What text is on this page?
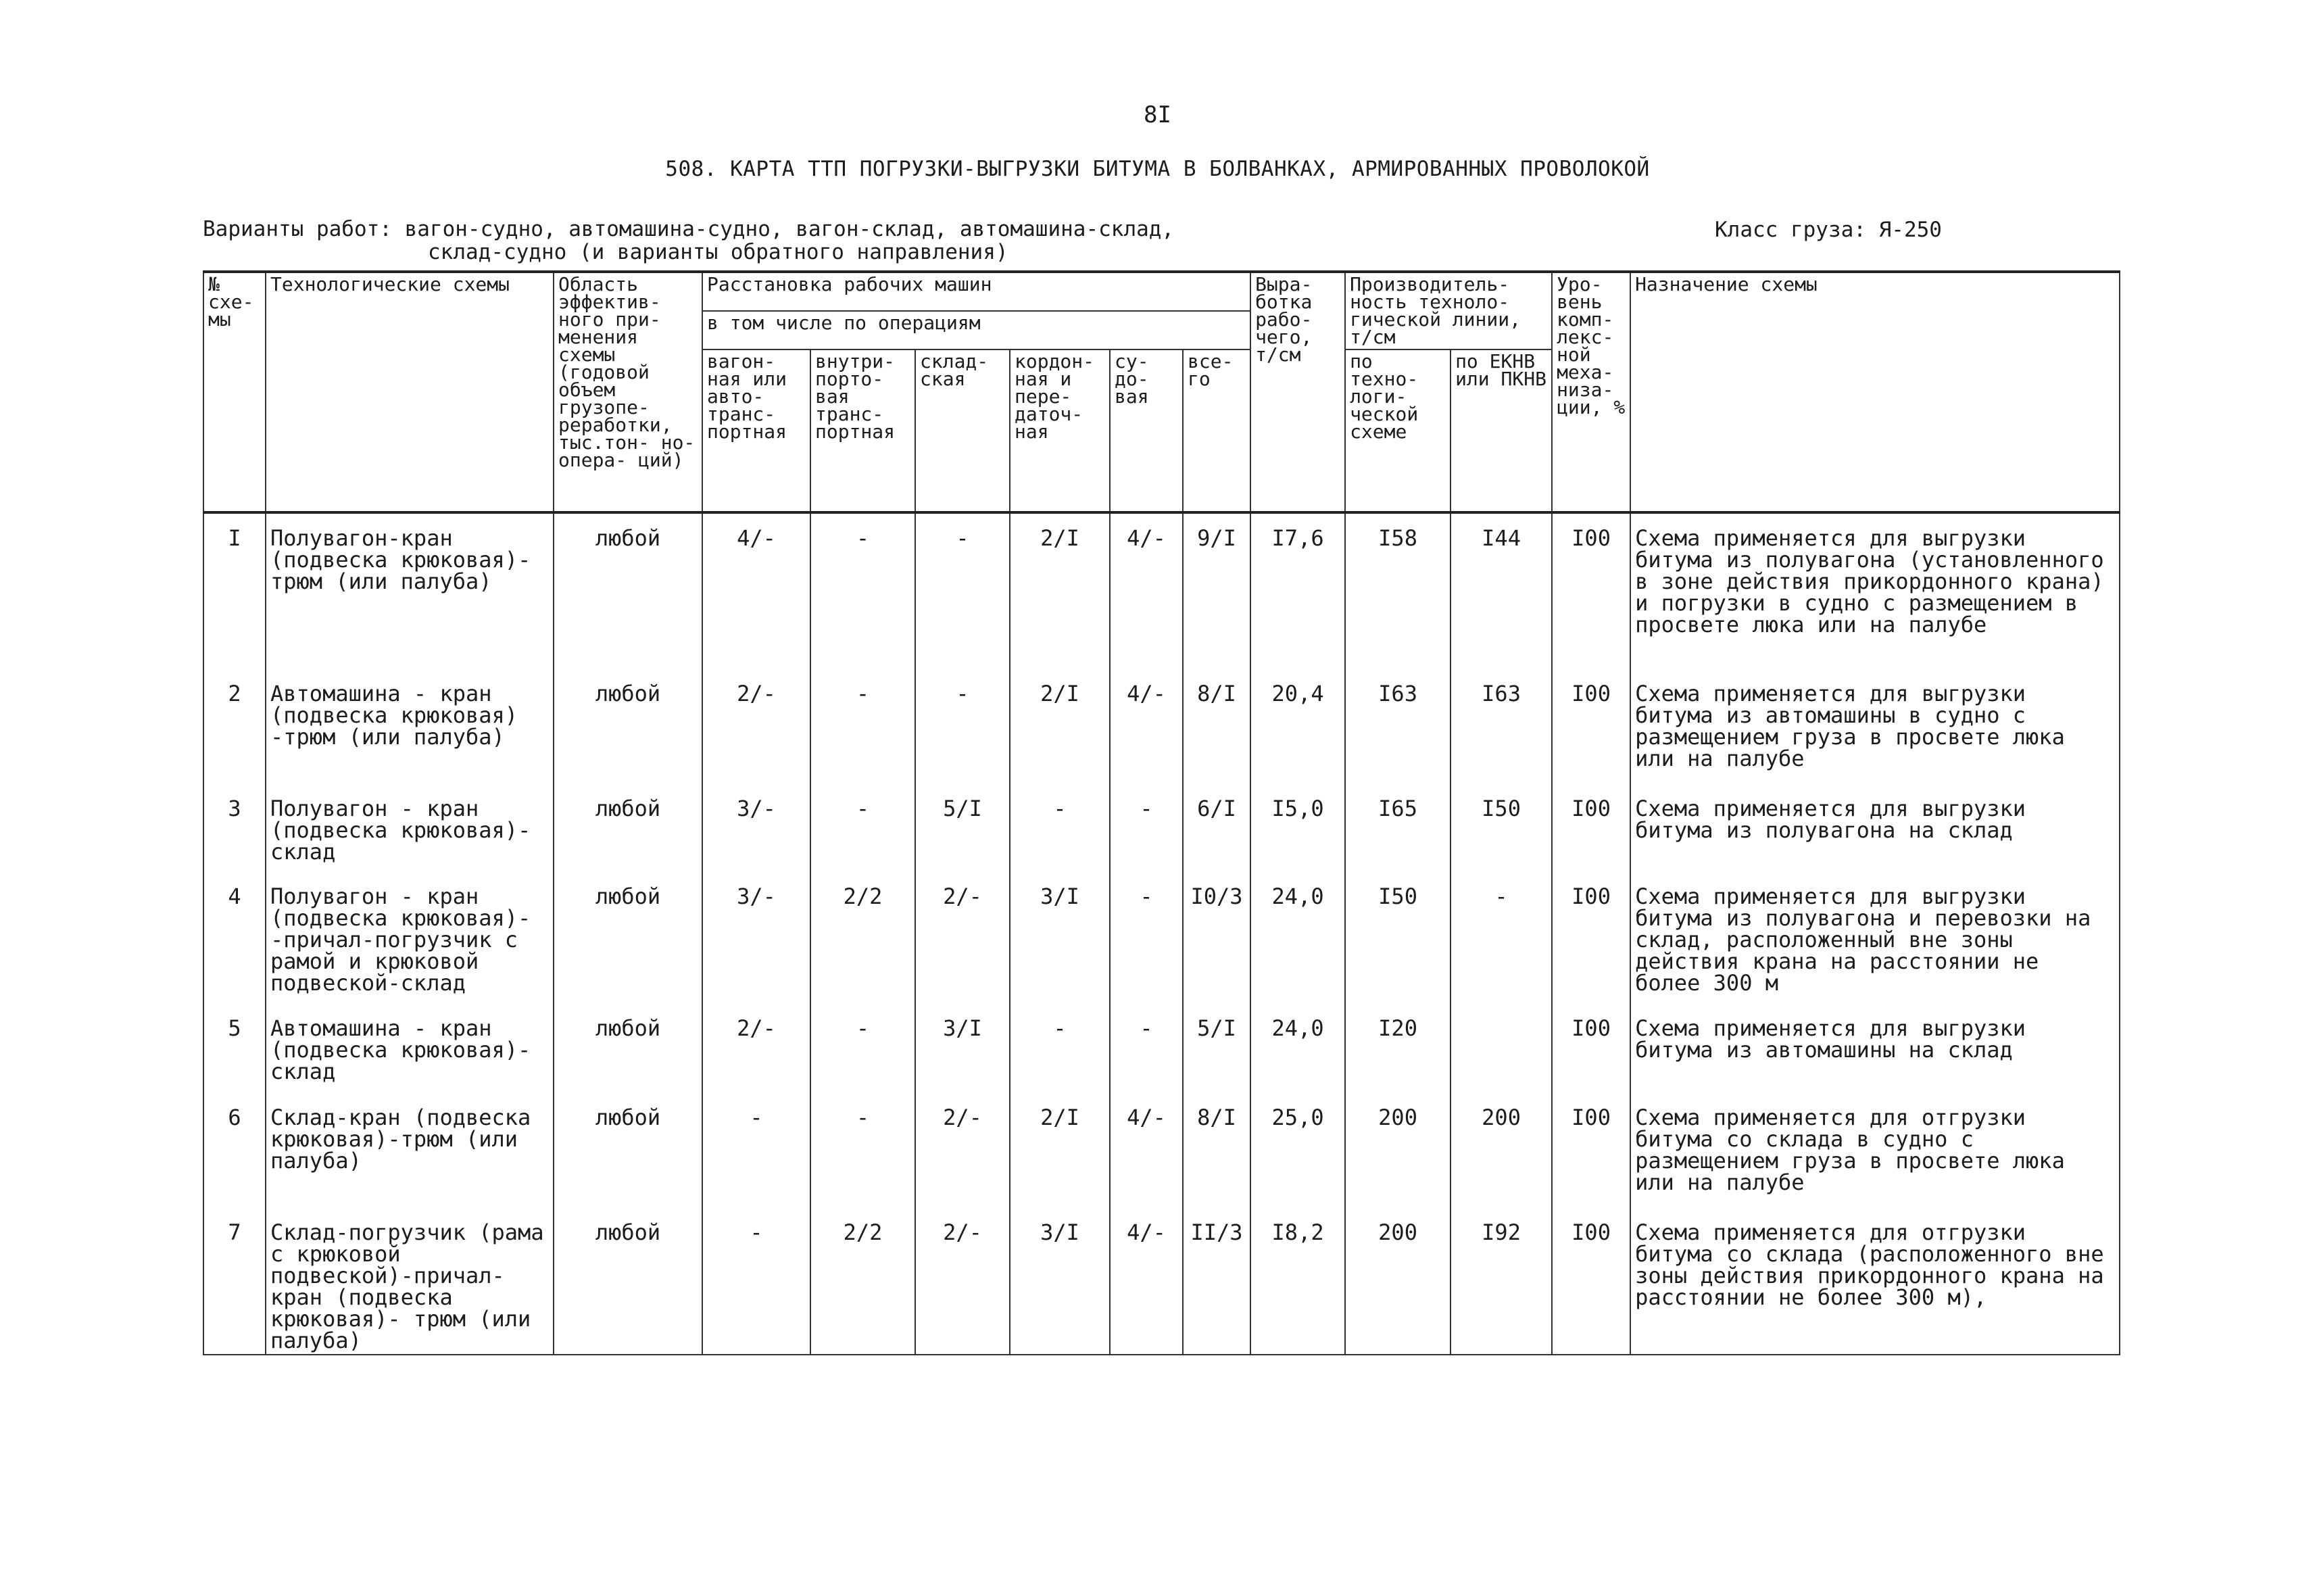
8I
508. КАРТА ТТП ПОГРУЗКИ-ВЫГРУЗКИ БИТУМА В БОЛВАНКАХ, АРМИРОВАННЫХ ПРОВОЛОКОЙ
Варианты работ: вагон-судно, автомашина-судно, вагон-склад, автомашина-склад,
склад-судно (и варианты обратного направления)
Класс груза: Я-250
№ схе- мы	Технологические схемы	Область эффектив- ного при- менения схемы (годовой объем грузопе- реработки, тыс.тон- но-опера- ций)	Расстановка рабочих машин						Выра- ботка рабо- чего, т/см	Производитель- ность техноло- гической линии, т/см		Уро- вень комп- лекс- ной меха- низа- ции, %	Назначение схемы
			в том числе по операциям										
			вагон- ная или авто- транс- портная	внутри- порто- вая транс- портная	склад- ская	кордон- ная и пере- даточ- ная	су- до- вая	все- го		по техно- логи- ческой схеме	по ЕКНВ или ПКНВ		
I	Полувагон-кран (подвеска крюковая)-трюм (или палуба)	любой	4/-	-	-	2/I	4/-	9/I	I7,6	I58	I44	I00	Схема применяется для выгрузки битума из полувагона (установленного в зоне действия прикордонного крана) и погрузки в судно с размещением в просвете люка или на палубе
2	Автомашина - кран (подвеска крюковая) -трюм (или палуба)	любой	2/-	-	-	2/I	4/-	8/I	20,4	I63	I63	I00	Схема применяется для выгрузки битума из автомашины в судно с размещением груза в просвете люка или на палубе
3	Полувагон - кран (подвеска крюковая)-склад	любой	3/-	-	5/I	-	-	6/I	I5,0	I65	I50	I00	Схема применяется для выгрузки битума из полувагона на склад
4	Полувагон - кран (подвеска крюковая)- -причал-погрузчик с рамой и крюковой подвеской-склад	любой	3/-	2/2	2/-	3/I	-	I0/3	24,0	I50	-	I00	Схема применяется для выгрузки битума из полувагона и перевозки на склад, расположенный вне зоны действия крана на расстоянии не более 300 м
5	Автомашина - кран (подвеска крюковая)- склад	любой	2/-	-	3/I	-	-	5/I	24,0	I20		I00	Схема применяется для выгрузки битума из автомашины на склад
6	Склад-кран (подвеска крюковая)-трюм (или палуба)	любой	-	-	2/-	2/I	4/-	8/I	25,0	200	200	I00	Схема применяется для отгрузки битума со склада в судно с размещением груза в просвете люка или на палубе
7	Склад-погрузчик (рама с крюковой подвеской)-причал-кран (подвеска крюковая)- трюм (или палуба)	любой	-	2/2	2/-	3/I	4/-	II/3	I8,2	200	I92	I00	Схема применяется для отгрузки битума со склада (расположенного вне зоны действия прикордонного крана на расстоянии не более 300 м),
